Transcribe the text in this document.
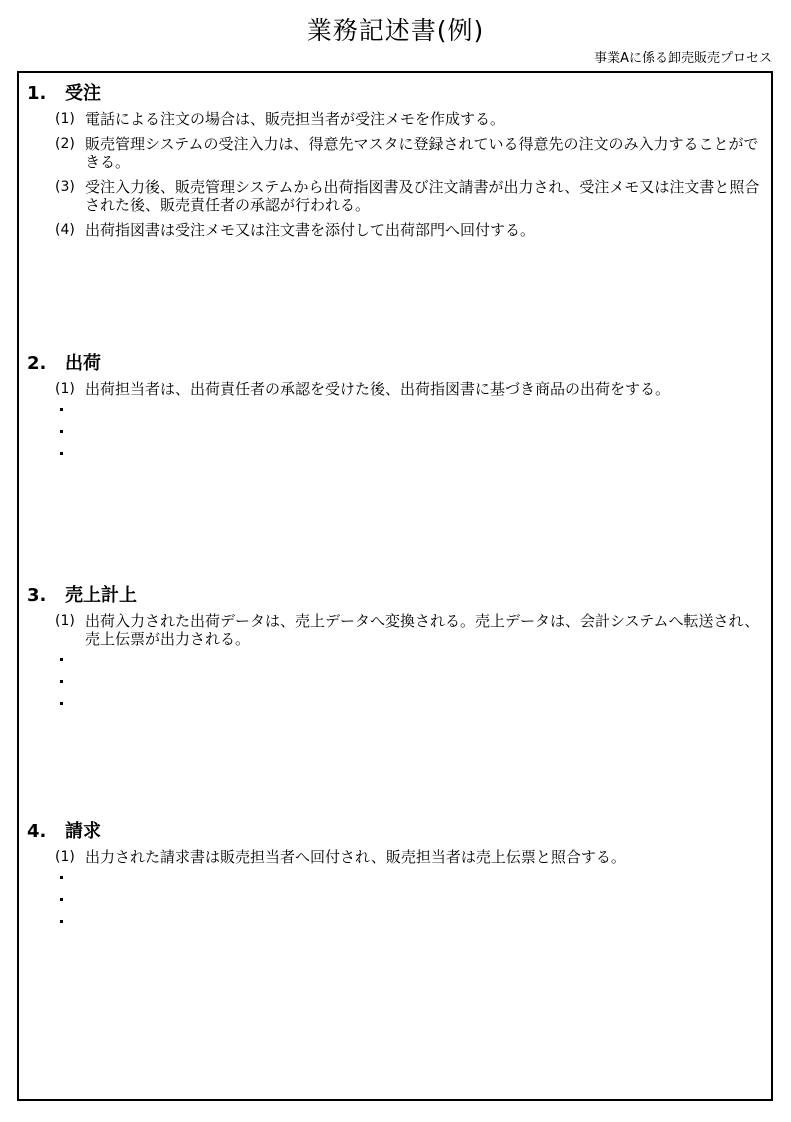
業務記述書(例)
事業Aに係る卸売販売プロセス
1. 受注
(1) 電話による注文の場合は、販売担当者が受注メモを作成する。
(2) 販売管理システムの受注入力は、得意先マスタに登録されている得意先の注文のみ入力することができる。
(3) 受注入力後、販売管理システムから出荷指図書及び注文請書が出力され、受注メモ又は注文書と照合された後、販売責任者の承認が行われる。
(4) 出荷指図書は受注メモ又は注文書を添付して出荷部門へ回付する。
2. 出荷
(1) 出荷担当者は、出荷責任者の承認を受けた後、出荷指図書に基づき商品の出荷をする。
3. 売上計上
(1) 出荷入力された出荷データは、売上データへ変換される。売上データは、会計システムへ転送され、売上伝票が出力される。
4. 請求
(1) 出力された請求書は販売担当者へ回付され、販売担当者は売上伝票と照合する。
